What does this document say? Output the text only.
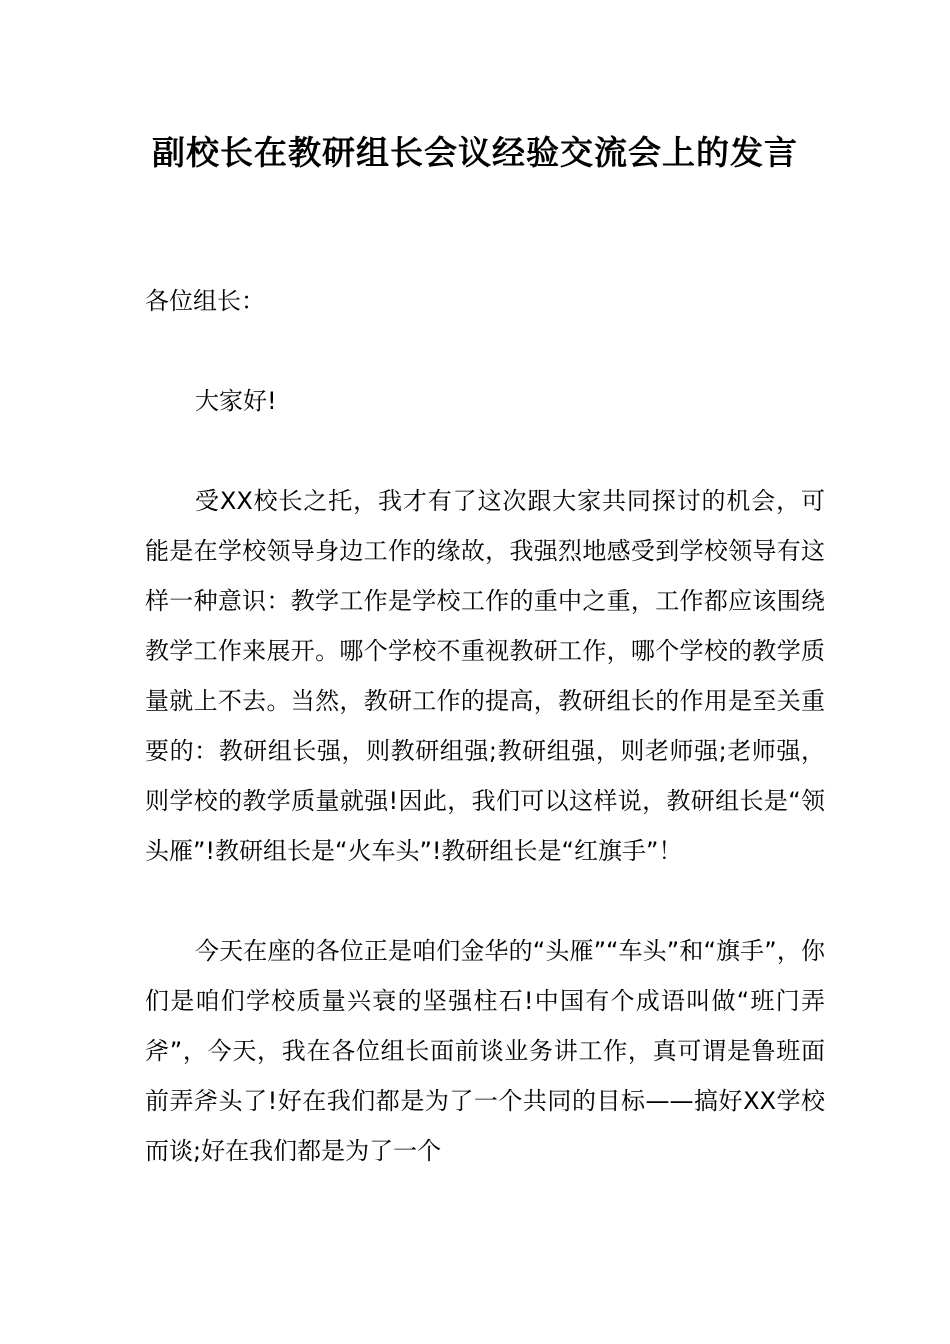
副校长在教研组长会议经验交流会上的发言

各位组长：

大家好!

受XX校长之托，我才有了这次跟大家共同探讨的机会，可能是在学校领导身边工作的缘故，我强烈地感受到学校领导有这样一种意识：教学工作是学校工作的重中之重，工作都应该围绕教学工作来展开。哪个学校不重视教研工作，哪个学校的教学质量就上不去。当然，教研工作的提高，教研组长的作用是至关重要的：教研组长强，则教研组强;教研组强，则老师强;老师强，则学校的教学质量就强!因此，我们可以这样说，教研组长是“领头雁”!教研组长是“火车头”!教研组长是“红旗手”！

今天在座的各位正是咱们金华的“头雁”“车头”和“旗手”，你们是咱们学校质量兴衰的坚强柱石!中国有个成语叫做“班门弄斧”，今天，我在各位组长面前谈业务讲工作，真可谓是鲁班面前弄斧头了!好在我们都是为了一个共同的目标——搞好XX学校而谈;好在我们都是为了一个
